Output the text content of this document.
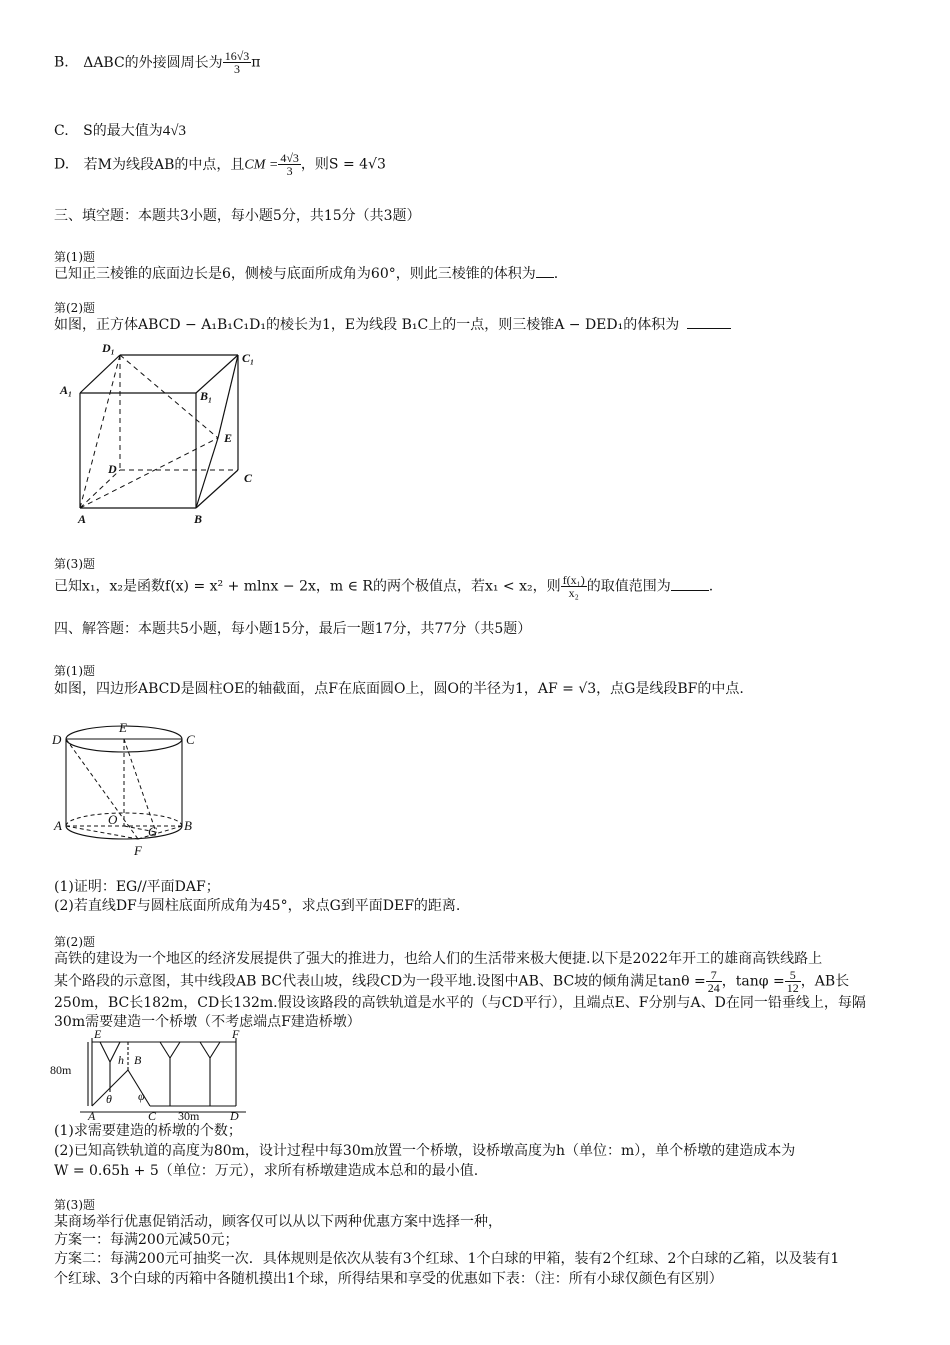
B. ΔABC的外接圆周长为 $\frac{16√3}{3}$ π
C. S的最大值为4√3
D. 若M为线段AB的中点，且CM = $\frac{4√3}{3}$ ，则S = 4√3
三、填空题：本题共3小题，每小题5分，共15分（共3题）
第(1)题
已知正三棱锥的底面边长是6，侧棱与底面所成角为60°，则此三棱锥的体积为 .
第(2)题
如图，正方体ABCD − A₁B₁C₁D₁的棱长为1，E为线段 B₁C上的一点，则三棱锥A − DED₁的体积为
D₁
C₁
A₁	B₁
E
D
C
A	B
第(3)题
已知x₁，x₂是函数f(x) = x² + mlnx − 2x，m ∈ R的两个极值点，若x₁ < x₂，则 $\frac{\text{f(x₁)}}{\text{x₂}}$ 的取值范围为	.
四、解答题：本题共5小题，每小题15分，最后一题17分，共77分（共5题）
第(1)题
如图，四边形ABCD是圆柱OE的轴截面，点F在底面圆O上，圆O的半径为1，AF = √3，点G是线段BF的中点.
D
E
C
A	O
G B
F
(1)证明：EG//平面DAF；
(2)若直线DF与圆柱底面所成角为45°，求点G到平面DEF的距离.
第(2)题
高铁的建设为一个地区的经济发展提供了强大的推进力，也给人们的生活带来极大便捷.以下是2022年开工的雄商高铁线路上
某个路段的示意图，其中线段AB BC代表山坡，线段CD为一段平地.设图中AB、BC坡的倾角满足$\tan\theta = \frac{7}{24}$ ，$\tan\varphi = \frac{5}{12}$ ，AB长
250m，BC长182m，CD长132m.假设该路段的高铁轨道是水平的（与CD平行），且端点E、F分别与A、D在同一铅垂线上，每隔
30m需要建造一个桥墩（不考虑端点F建造桥墩）
80m
E	F
B
h
θ φ
A	C 30m	D
(1)求需要建造的桥墩的个数；
(2)已知高铁轨道的高度为80m，设计过程中每30m放置一个桥墩，设桥墩高度为h（单位：m），单个桥墩的建造成本为
W = 0.65h + 5（单位：万元），求所有桥墩建造成本总和的最小值.
第(3)题
某商场举行优惠促销活动，顾客仅可以从以下两种优惠方案中选择一种，
方案一：每满200元减50元；
方案二：每满200元可抽奖一次．具体规则是依次从装有3个红球、1个白球的甲箱，装有2个红球、2个白球的乙箱，以及装有1
个红球、3个白球的丙箱中各随机摸出1个球，所得结果和享受的优惠如下表：（注：所有小球仅颜色有区别）
